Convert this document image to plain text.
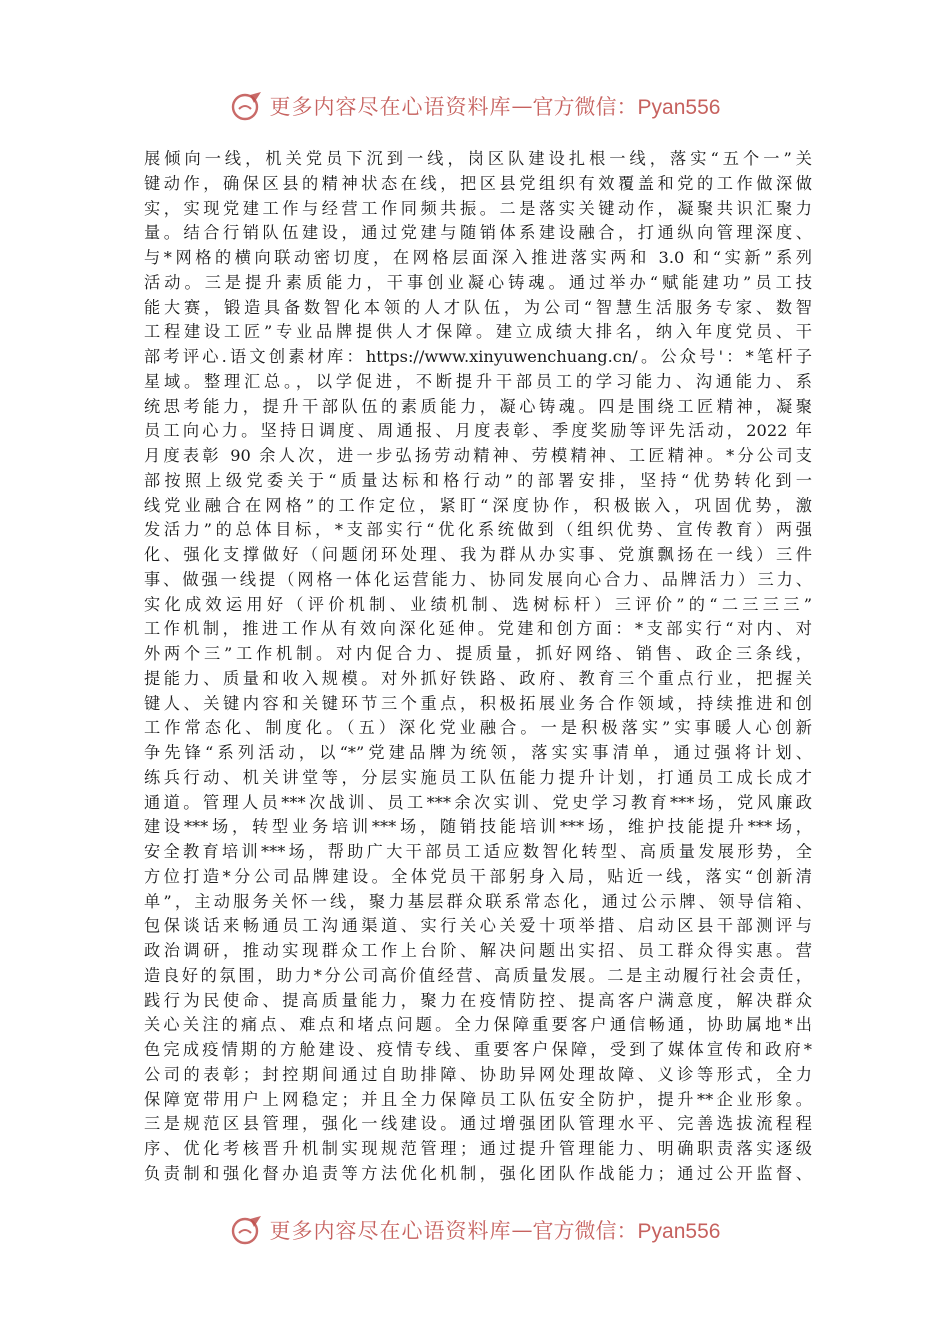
更多内容尽在心语资料库 — 官方微信：Pyan556
展倾向一线，机关党员下沉到一线，岗区队建设扎根一线，落实“五个一”关
键动作，确保区县的精神状态在线，把区县党组织有效覆盖和党的工作做深做
实，实现党建工作与经营工作同频共振。二是落实关键动作，凝聚共识汇聚力
量。结合行销队伍建设，通过党建与随销体系建设融合，打通纵向管理深度、
与*网格的横向联动密切度，在网格层面深入推进落实两和 3.0 和“实新”系列
活动。三是提升素质能力，干事创业凝心铸魂。通过举办“赋能建功”员工技
能大赛，锻造具备数智化本领的人才队伍，为公司“智慧生活服务专家、数智
工程建设工匠”专业品牌提供人才保障。建立成绩大排名，纳入年度党员、干
部考评心.语文创素材库：https://www.xinyuwenchuang.cn/。公众号'：*笔杆子
星域。整理汇总。，以学促进，不断提升干部员工的学习能力、沟通能力、系
统思考能力，提升干部队伍的素质能力，凝心铸魂。四是围绕工匠精神，凝聚
员工向心力。坚持日调度、周通报、月度表彰、季度奖励等评先活动，2022 年
月度表彰 90 余人次，进一步弘扬劳动精神、劳模精神、工匠精神。*分公司支
部按照上级党委关于“质量达标和格行动”的部署安排，坚持“优势转化到一
线党业融合在网格”的工作定位，紧盯“深度协作，积极嵌入，巩固优势，激
发活力”的总体目标，*支部实行“优化系统做到（组织优势、宣传教育）两强
化、强化支撑做好（问题闭环处理、我为群从办实事、党旗飘扬在一线）三件
事、做强一线提（网格一体化运营能力、协同发展向心合力、品牌活力）三力、
实化成效运用好（评价机制、业绩机制、选树标杆）三评价”的“二三三三”
工作机制，推进工作从有效向深化延伸。党建和创方面：*支部实行“对内、对
外两个三”工作机制。对内促合力、提质量，抓好网络、销售、政企三条线，
提能力、质量和收入规模。对外抓好铁路、政府、教育三个重点行业，把握关
键人、关键内容和关键环节三个重点，积极拓展业务合作领域，持续推进和创
工作常态化、制度化。（五）深化党业融合。一是积极落实”实事暖人心创新
争先锋“系列活动，以“*”党建品牌为统领，落实实事清单，通过强将计划、
练兵行动、机关讲堂等，分层实施员工队伍能力提升计划，打通员工成长成才
通道。管理人员***次战训、员工***余次实训、党史学习教育***场，党风廉政
建设***场，转型业务培训***场，随销技能培训***场，维护技能提升***场，
安全教育培训***场，帮助广大干部员工适应数智化转型、高质量发展形势，全
方位打造*分公司品牌建设。全体党员干部躬身入局，贴近一线，落实“创新清
单”，主动服务关怀一线，聚力基层群众联系常态化，通过公示牌、领导信箱、
包保谈话来畅通员工沟通渠道、实行关心关爱十项举措、启动区县干部测评与
政治调研，推动实现群众工作上台阶、解决问题出实招、员工群众得实惠。营
造良好的氛围，助力*分公司高价值经营、高质量发展。二是主动履行社会责任，
践行为民使命、提高质量能力，聚力在疫情防控、提高客户满意度，解决群众
关心关注的痛点、难点和堵点问题。全力保障重要客户通信畅通，协助属地*出
色完成疫情期的方舱建设、疫情专线、重要客户保障，受到了媒体宣传和政府*
公司的表彰；封控期间通过自助排障、协助异网处理故障、义诊等形式，全力
保障宽带用户上网稳定；并且全力保障员工队伍安全防护，提升**企业形象。
三是规范区县管理，强化一线建设。通过增强团队管理水平、完善选拔流程程
序、优化考核晋升机制实现规范管理；通过提升管理能力、明确职责落实逐级
负责制和强化督办追责等方法优化机制，强化团队作战能力；通过公开监督、
更多内容尽在心语资料库 — 官方微信：Pyan556
